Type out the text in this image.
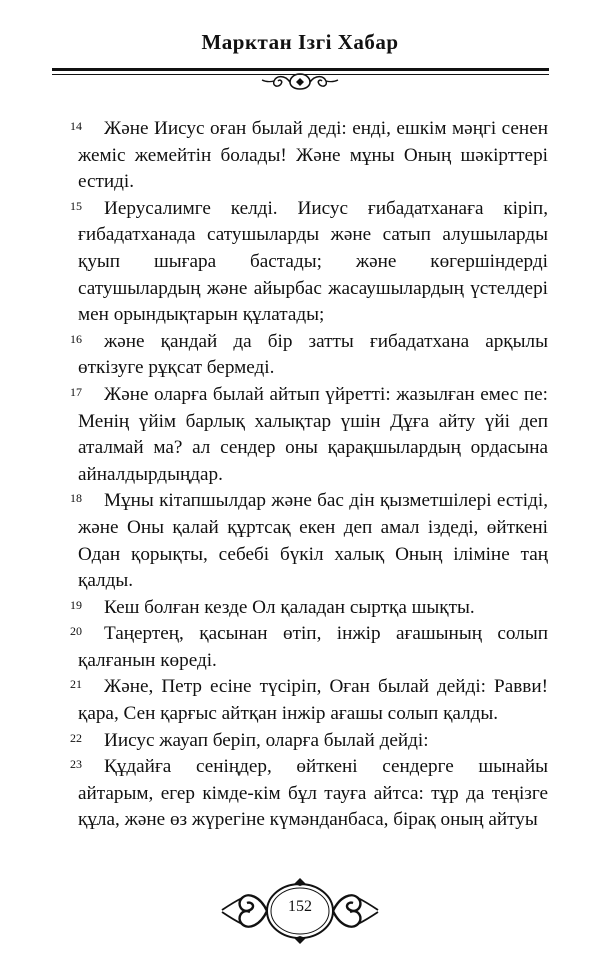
Марктан Ізгі Хабар

14 Және Иисус оған былай деді: енді, ешкім мәңгі сенен жеміс жемейтін болады! Және мұны Оның шәкірттері естиді.

15 Иерусалимге келді. Иисус ғибадатханаға кіріп, ғибадатханада сатушыларды және сатып алушыларды қуып шығара бастады; және көгершіндерді сатушылардың және айырбас жасаушылардың үстелдері мен орындықтарын құлатады;

16 және қандай да бір затты ғибадатхана арқылы өткізуге рұқсат бермеді.

17 Және оларға былай айтып үйретті: жазылған емес пе: Менің үйім барлық халықтар үшін Дұға айту үйі деп аталмай ма? ал сендер оны қарақшылардың ордасына айналдырдыңдар.

18 Мұны кітапшылдар және бас дін қызметшілері естіді, және Оны қалай құртсақ екен деп амал іздеді, өйткені Одан қорықты, себебі бүкіл халық Оның іліміне таң қалды.

19 Кеш болған кезде Ол қаладан сыртқа шықты.

20 Таңертең, қасынан өтіп, інжір ағашының солып қалғанын көреді.

21 Және, Петр есіне түсіріп, Оған былай дейді: Равви! қара, Сен қарғыс айтқан інжір ағашы солып қалды.

22 Иисус жауап беріп, оларға былай дейді:

23 Құдайға сеніңдер, өйткені сендерге шынайы айтарым, егер кімде-кім бұл тауға айтса: тұр да теңізге құла, және өз жүрегіне күмәнданбаса, бірақ оның айтуы

152
